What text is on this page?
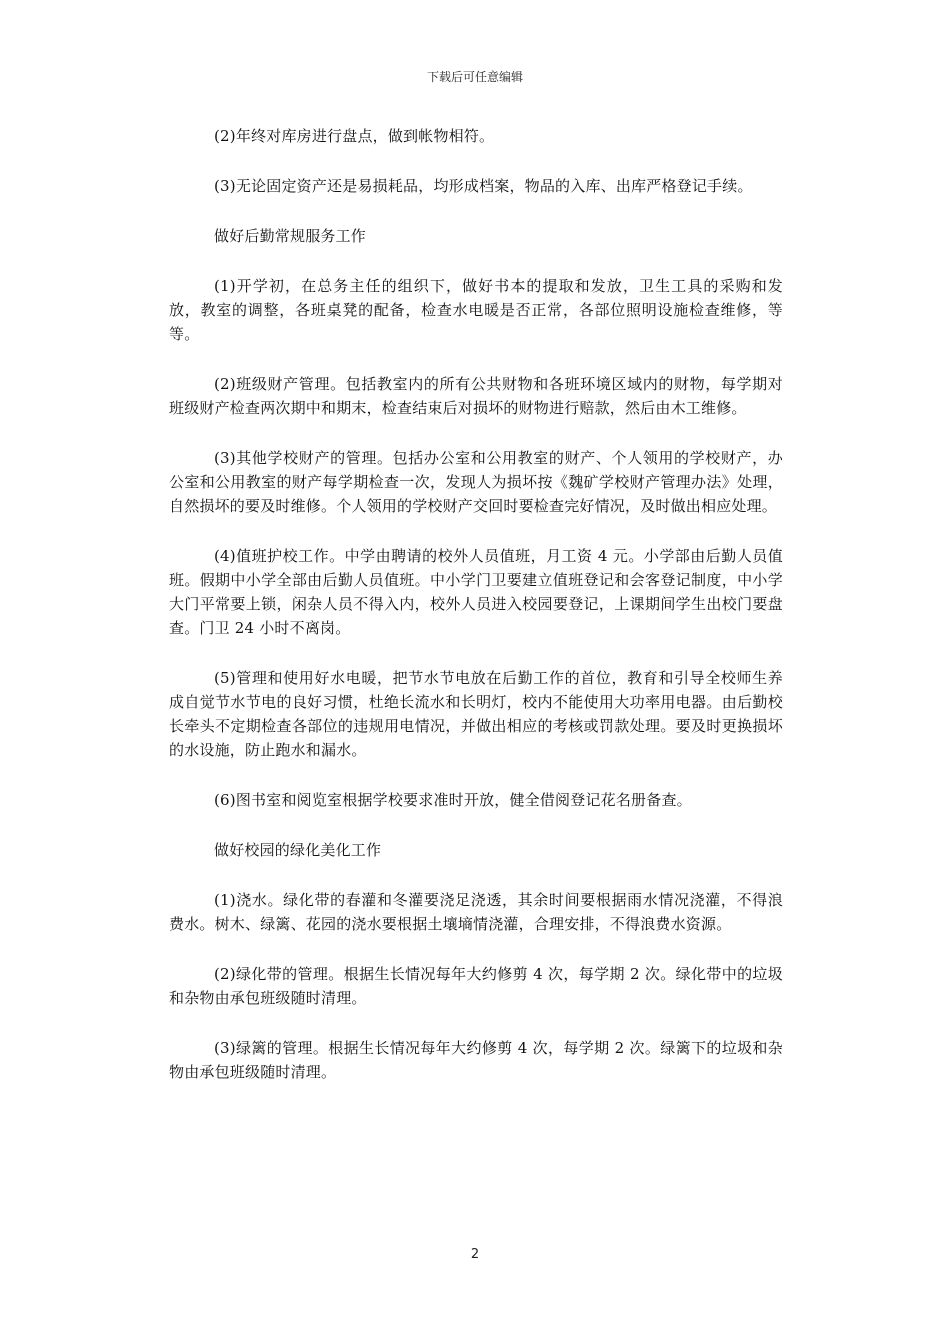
下载后可任意编辑

(2)年终对库房进行盘点，做到帐物相符。

(3)无论固定资产还是易损耗品，均形成档案，物品的入库、出库严格登记手续。

做好后勤常规服务工作

(1)开学初，在总务主任的组织下，做好书本的提取和发放，卫生工具的采购和发放，教室的调整，各班桌凳的配备，检查水电暖是否正常，各部位照明设施检查维修，等等。

(2)班级财产管理。包括教室内的所有公共财物和各班环境区域内的财物，每学期对班级财产检查两次期中和期末，检查结束后对损坏的财物进行赔款，然后由木工维修。

(3)其他学校财产的管理。包括办公室和公用教室的财产、个人领用的学校财产，办公室和公用教室的财产每学期检查一次，发现人为损坏按《魏矿学校财产管理办法》处理，自然损坏的要及时维修。个人领用的学校财产交回时要检查完好情况，及时做出相应处理。

(4)值班护校工作。中学由聘请的校外人员值班，月工资 4 元。小学部由后勤人员值班。假期中小学全部由后勤人员值班。中小学门卫要建立值班登记和会客登记制度，中小学大门平常要上锁，闲杂人员不得入内，校外人员进入校园要登记，上课期间学生出校门要盘查。门卫 24 小时不离岗。

(5)管理和使用好水电暖，把节水节电放在后勤工作的首位，教育和引导全校师生养成自觉节水节电的良好习惯，杜绝长流水和长明灯，校内不能使用大功率用电器。由后勤校长牵头不定期检查各部位的违规用电情况，并做出相应的考核或罚款处理。要及时更换损坏的水设施，防止跑水和漏水。

(6)图书室和阅览室根据学校要求准时开放，健全借阅登记花名册备查。

做好校园的绿化美化工作

(1)浇水。绿化带的春灌和冬灌要浇足浇透，其余时间要根据雨水情况浇灌，不得浪费水。树木、绿篱、花园的浇水要根据土壤墒情浇灌，合理安排，不得浪费水资源。

(2)绿化带的管理。根据生长情况每年大约修剪 4 次，每学期 2 次。绿化带中的垃圾和杂物由承包班级随时清理。

(3)绿篱的管理。根据生长情况每年大约修剪 4 次，每学期 2 次。绿篱下的垃圾和杂物由承包班级随时清理。

2
